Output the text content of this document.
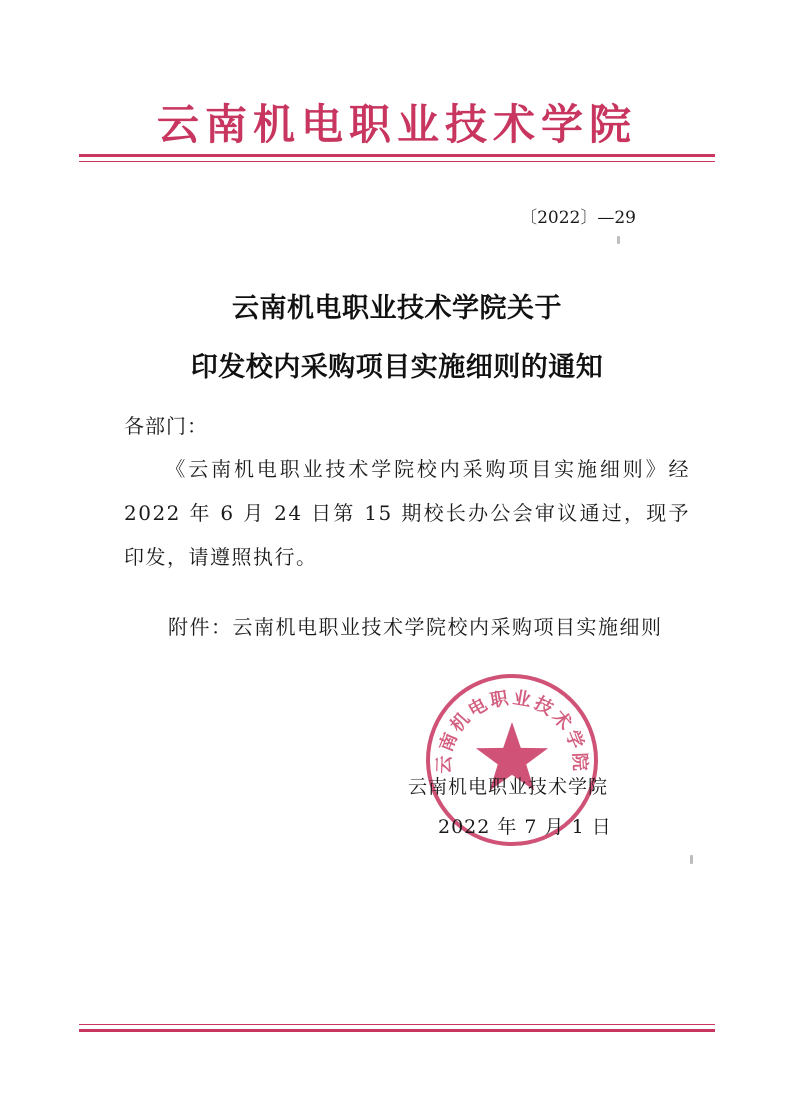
云南机电职业技术学院
〔2022〕—29
云南机电职业技术学院关于
印发校内采购项目实施细则的通知
各部门：
《云南机电职业技术学院校内采购项目实施细则》经2022 年 6 月 24 日第 15 期校长办公会审议通过，现予印发，请遵照执行。
附件：云南机电职业技术学院校内采购项目实施细则
云南机电职业技术学院
云南机电职业技术学院
2022 年 7 月 1 日
